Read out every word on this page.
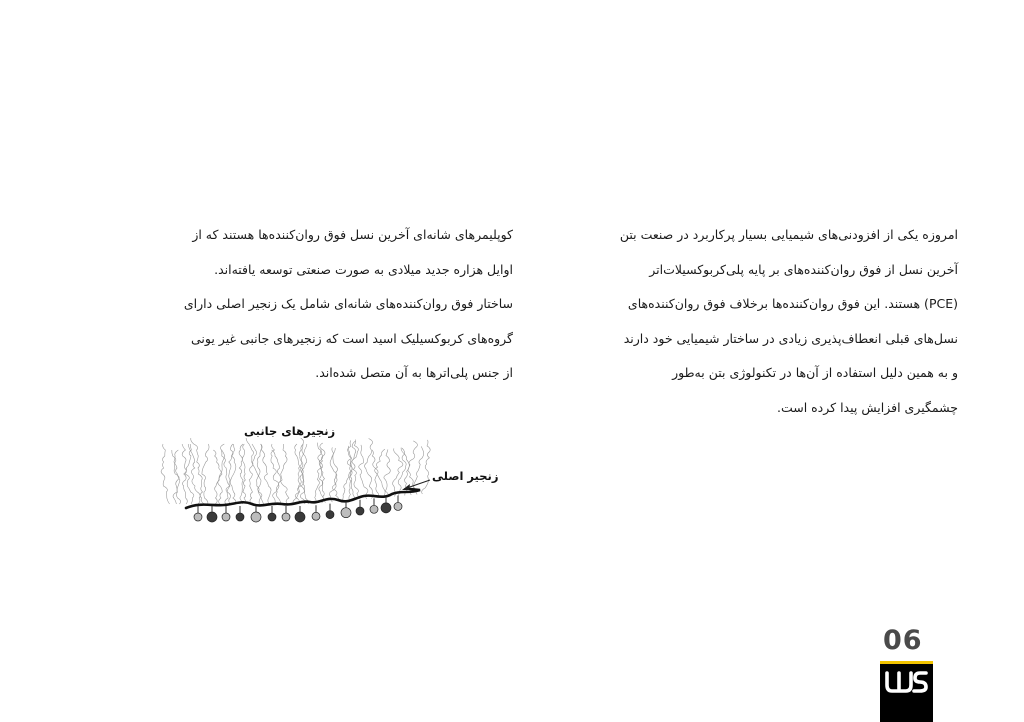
امروزه یکی از افزودنی‌های شیمیایی بسیار پرکاربرد در صنعت بتن
آخرین نسل از فوق روان‌کننده‌های بر پایه پلی‌کربوکسیلات‌اتر
(PCE) هستند. این فوق روان‌کننده‌ها برخلاف فوق روان‌کننده‌های
نسل‌های قبلی انعطاف‌پذیری زیادی در ساختار شیمیایی خود دارند
و به همین دلیل استفاده از آن‌ها در تکنولوژی بتن به‌طور
چشمگیری افزایش پیدا کرده است.
کوپلیمرهای شانه‌ای آخرین نسل فوق روان‌کننده‌ها هستند که از
اوایل هزاره جدید میلادی به صورت صنعتی توسعه یافته‌اند.
ساختار فوق روان‌کننده‌های شانه‌ای شامل یک زنجیر اصلی دارای
گروه‌های کربوکسیلیک اسید است که زنجیرهای جانبی غیر یونی
از جنس پلی‌اترها به آن متصل شده‌اند.
زنجیرهای جانبی
زنجیر اصلی
06
